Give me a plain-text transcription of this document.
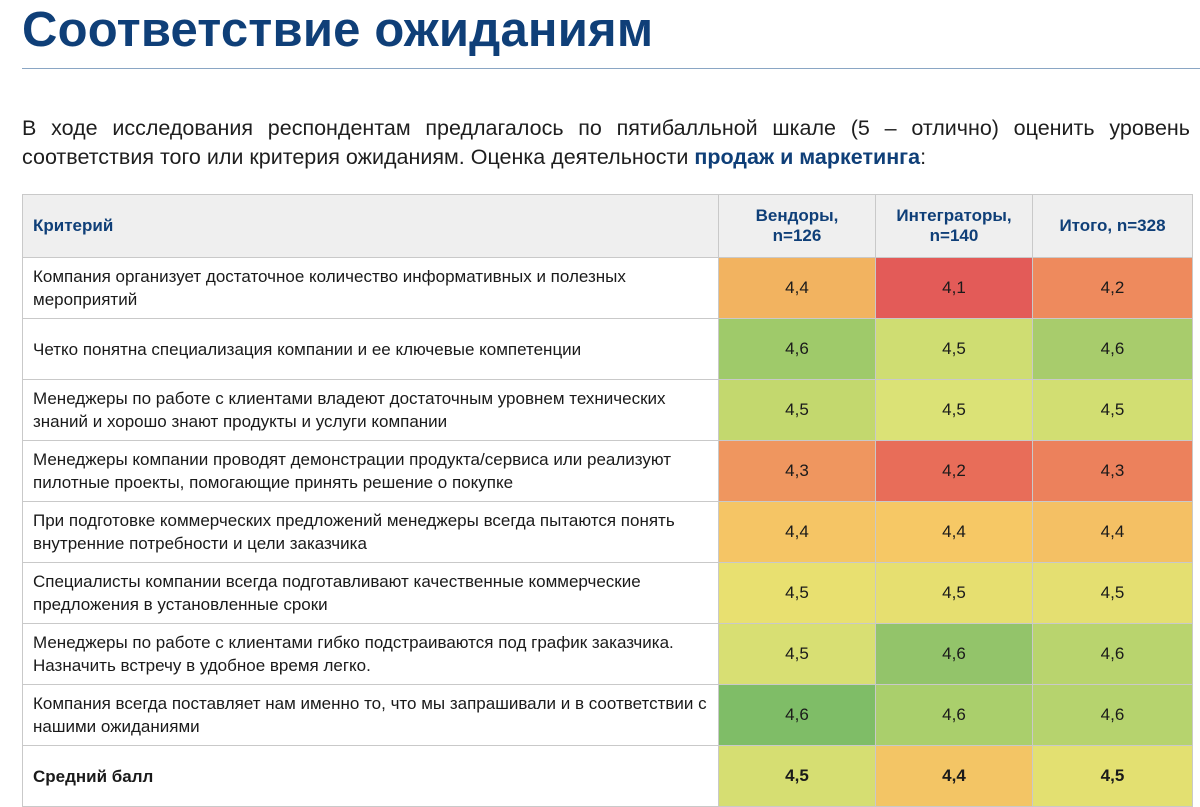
Соответствие ожиданиям

В ходе исследования респондентам предлагалось по пятибалльной шкале (5 – отлично) оценить уровень соответствия того или критерия ожиданиям. Оценка деятельности продаж и маркетинга:

Критерий	Вендоры, n=126	Интеграторы, n=140	Итого, n=328
Компания организует достаточное количество информативных и полезных мероприятий	4,4	4,1	4,2
Четко понятна специализация компании и ее ключевые компетенции	4,6	4,5	4,6
Менеджеры по работе с клиентами владеют достаточным уровнем технических знаний и хорошо знают продукты и услуги компании	4,5	4,5	4,5
Менеджеры компании проводят демонстрации продукта/сервиса или реализуют пилотные проекты, помогающие принять решение о покупке	4,3	4,2	4,3
При подготовке коммерческих предложений менеджеры всегда пытаются понять внутренние потребности и цели заказчика	4,4	4,4	4,4
Специалисты компании всегда подготавливают качественные коммерческие предложения в установленные сроки	4,5	4,5	4,5
Менеджеры по работе с клиентами гибко подстраиваются под график заказчика. Назначить встречу в удобное время легко.	4,5	4,6	4,6
Компания всегда поставляет нам именно то, что мы запрашивали и в соответствии с нашими ожиданиями	4,6	4,6	4,6
Средний балл	4,5	4,4	4,5
